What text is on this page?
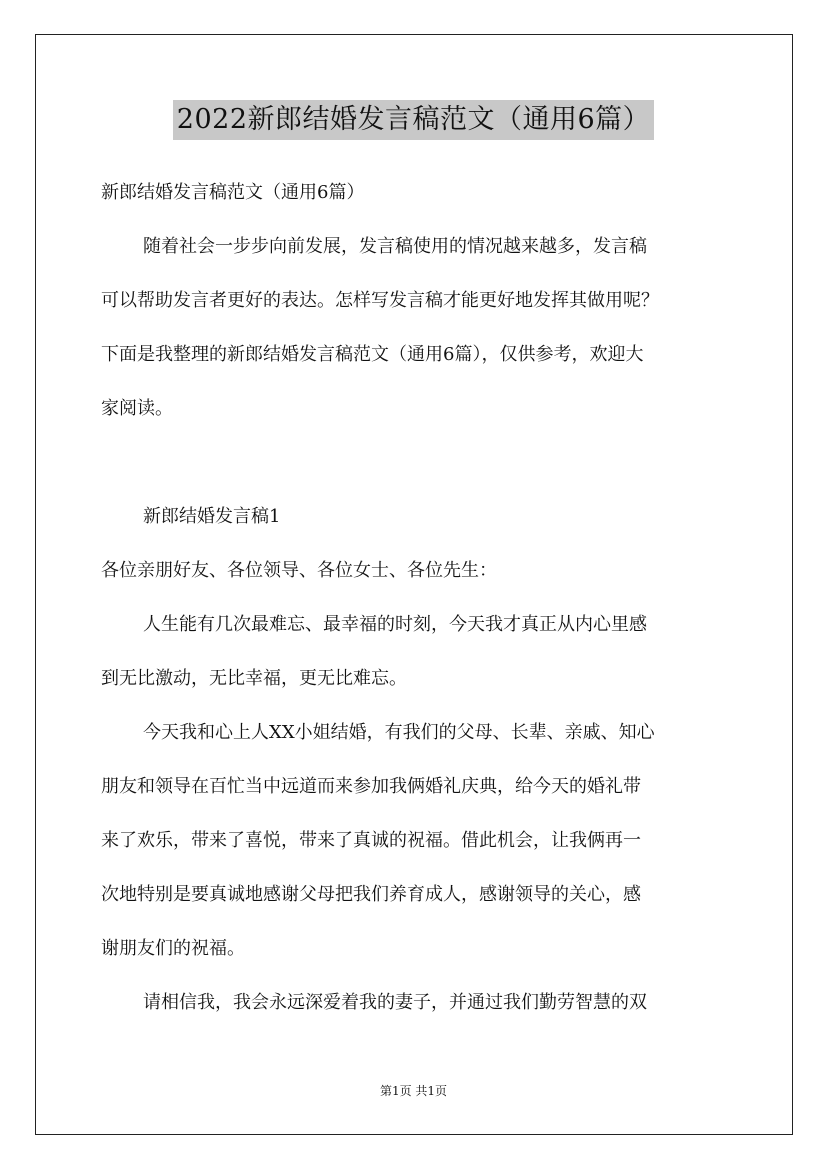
2022新郎结婚发言稿范文（通用6篇）
新郎结婚发言稿范文（通用6篇）
随着社会一步步向前发展，发言稿使用的情况越来越多，发言稿
可以帮助发言者更好的表达。怎样写发言稿才能更好地发挥其做用呢？
下面是我整理的新郎结婚发言稿范文（通用6篇），仅供参考，欢迎大
家阅读。
新郎结婚发言稿1
各位亲朋好友、各位领导、各位女士、各位先生：
人生能有几次最难忘、最幸福的时刻，今天我才真正从内心里感
到无比激动，无比幸福，更无比难忘。
今天我和心上人XX小姐结婚，有我们的父母、长辈、亲戚、知心
朋友和领导在百忙当中远道而来参加我俩婚礼庆典，给今天的婚礼带
来了欢乐，带来了喜悦，带来了真诚的祝福。借此机会，让我俩再一
次地特别是要真诚地感谢父母把我们养育成人，感谢领导的关心，感
谢朋友们的祝福。
请相信我，我会永远深爱着我的妻子，并通过我们勤劳智慧的双
第1页 共1页
